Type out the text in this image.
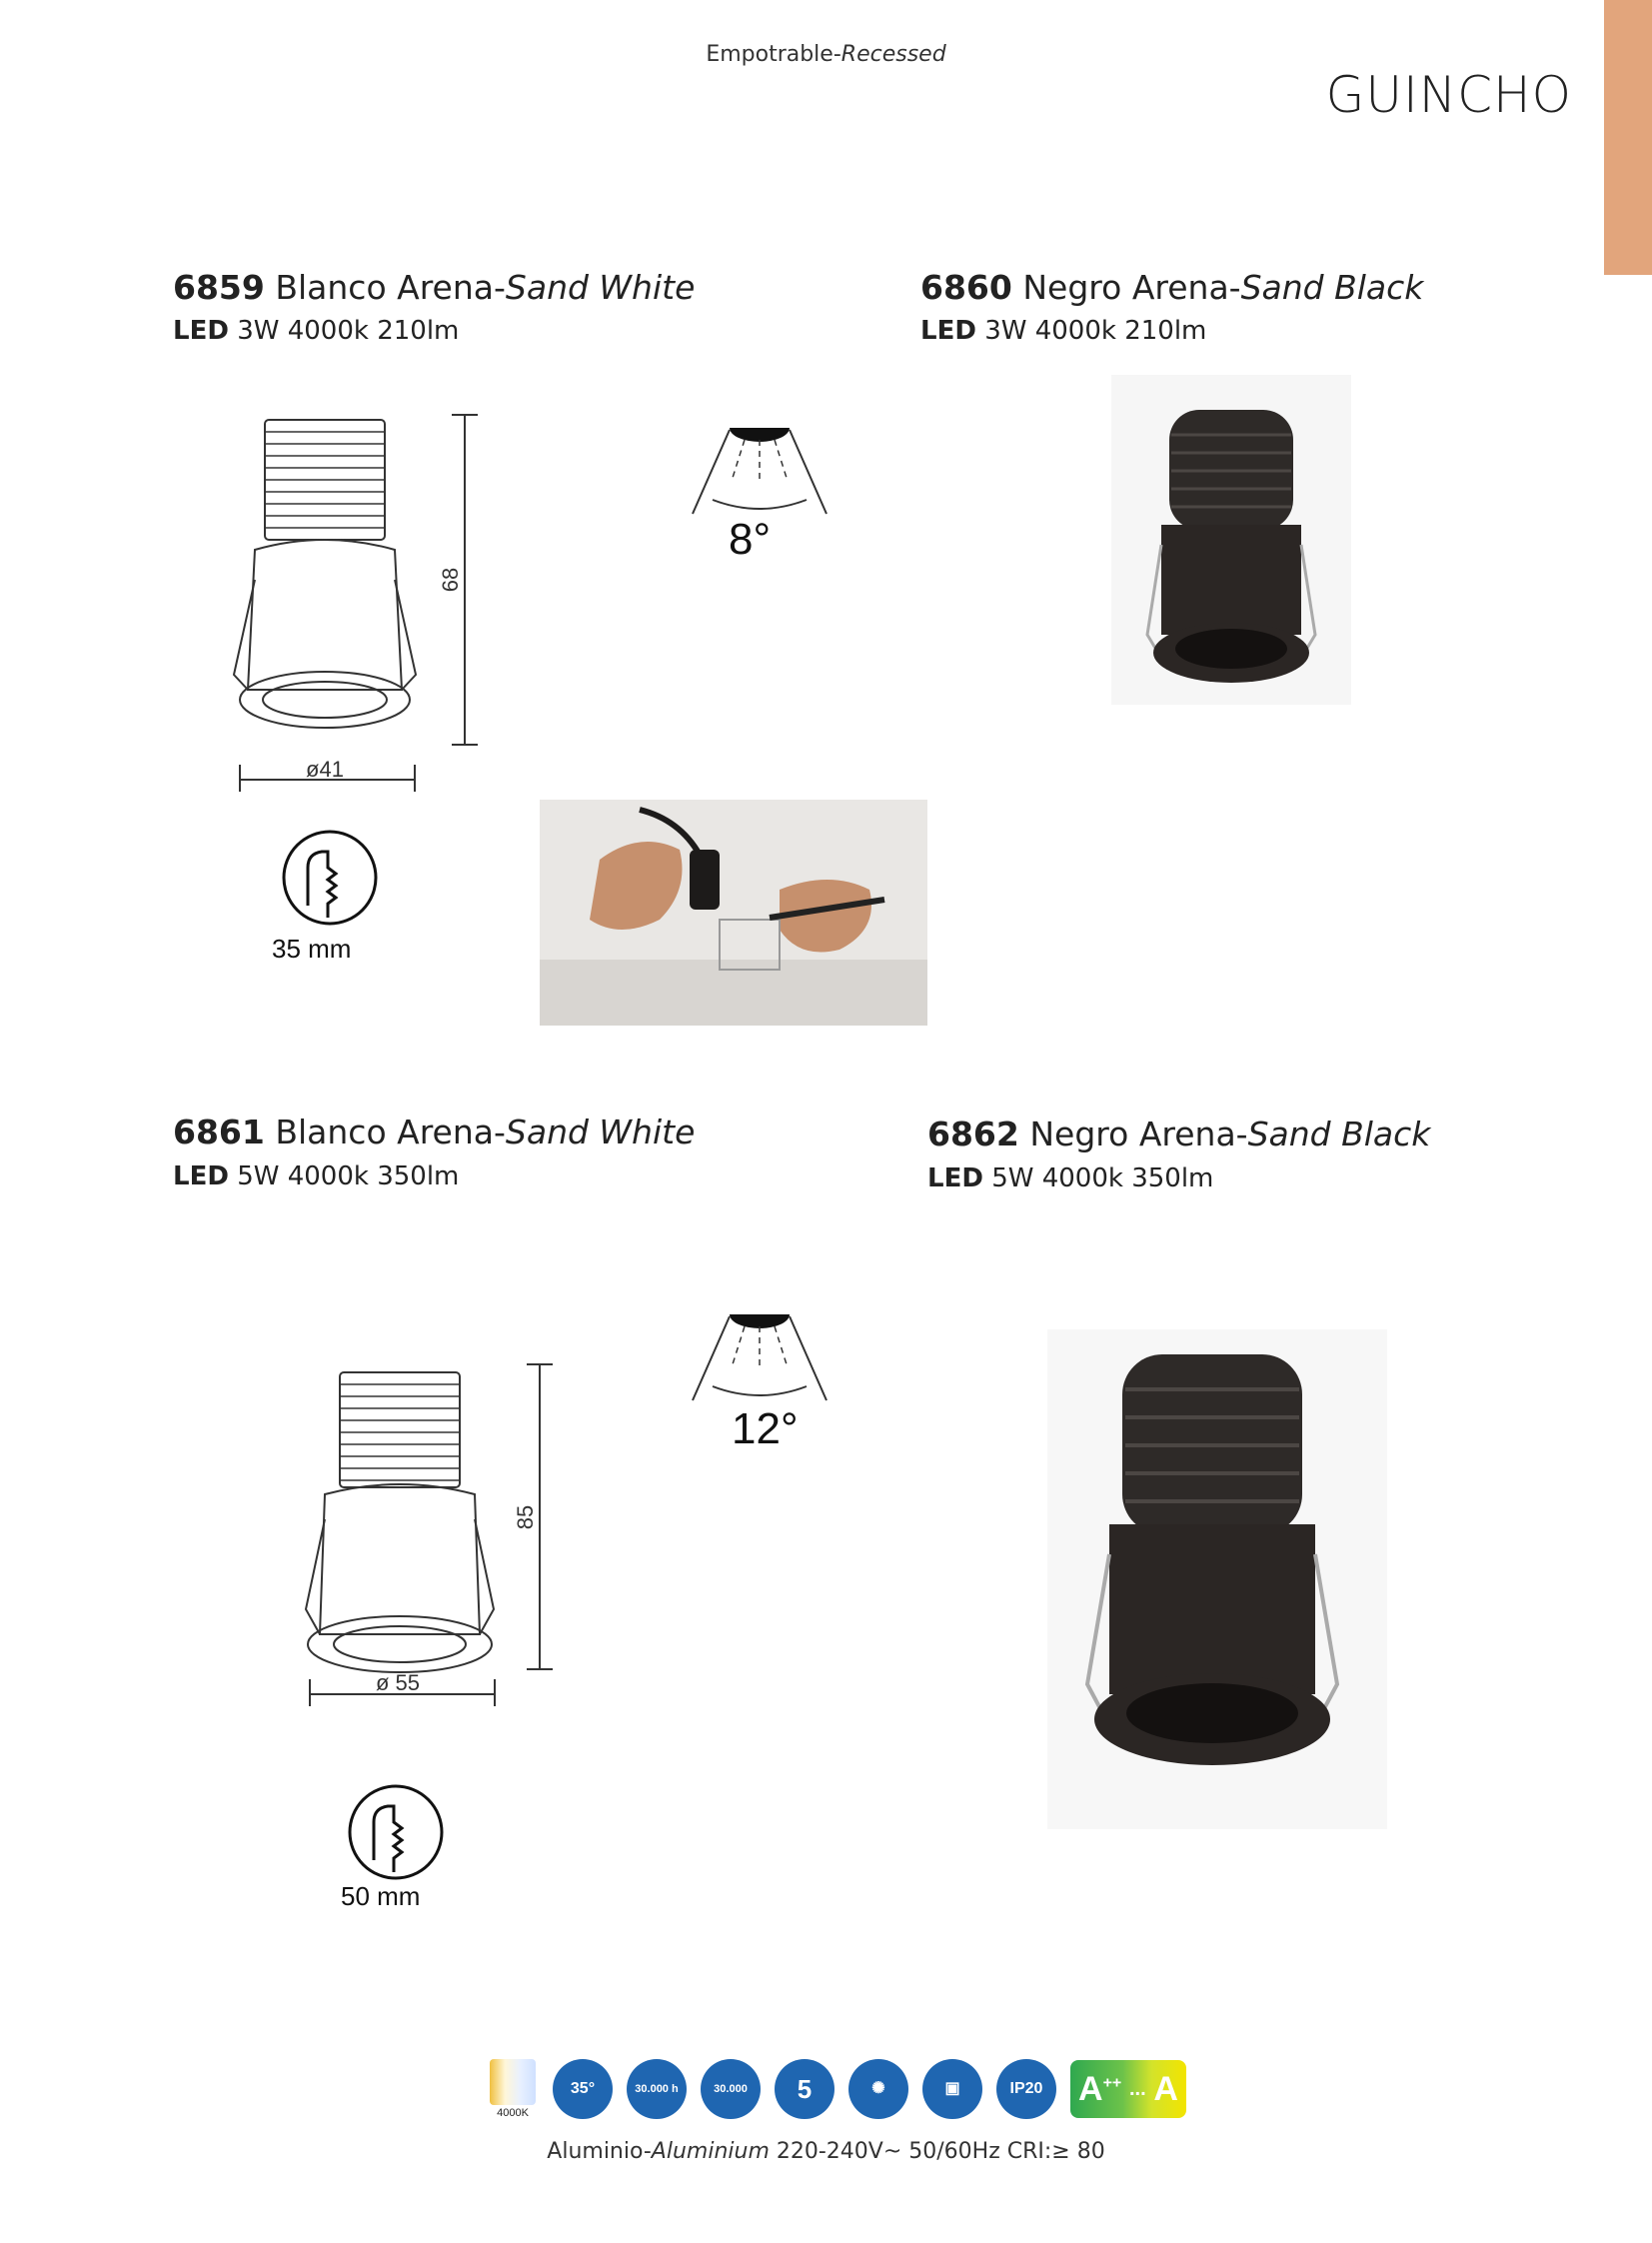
Empotrable-Recessed
GUINCHO
6859 Blanco Arena-Sand White
LED 3W 4000k 210lm
6860 Negro Arena-Sand Black
LED 3W 4000k 210lm
68
ø41
8°
35 mm
6861 Blanco Arena-Sand White
LED 5W 4000k 350lm
6862 Negro Arena-Sand Black
LED 5W 4000k 350lm
85
ø 55
12°
50 mm
4000K
35°	30.000 h	30.000 5	✺	▣	IP20 A++ ... A
Aluminio-Aluminium 220-240V~ 50/60Hz CRI:≥ 80
